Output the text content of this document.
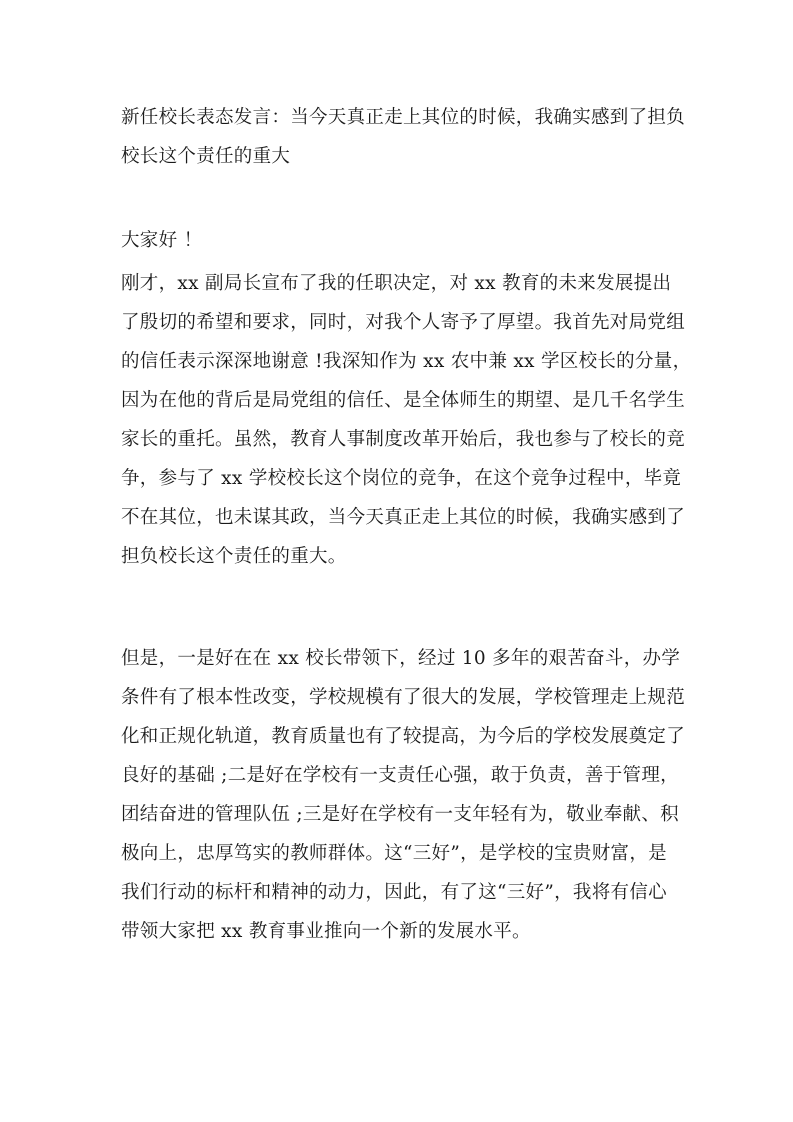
新任校长表态发言：当今天真正走上其位的时候，我确实感到了担负
校长这个责任的重大
大家好 ！
刚才，xx 副局长宣布了我的任职决定，对 xx 教育的未来发展提出
了殷切的希望和要求，同时，对我个人寄予了厚望。我首先对局党组
的信任表示深深地谢意 !我深知作为 xx 农中兼 xx 学区校长的分量，
因为在他的背后是局党组的信任、是全体师生的期望、是几千名学生
家长的重托。虽然，教育人事制度改革开始后，我也参与了校长的竞
争，参与了 xx 学校校长这个岗位的竞争，在这个竞争过程中，毕竟
不在其位，也未谋其政，当今天真正走上其位的时候，我确实感到了
担负校长这个责任的重大。
但是，一是好在在 xx 校长带领下，经过 10 多年的艰苦奋斗，办学
条件有了根本性改变，学校规模有了很大的发展，学校管理走上规范
化和正规化轨道，教育质量也有了较提高，为今后的学校发展奠定了
良好的基础 ;二是好在学校有一支责任心强，敢于负责，善于管理，
团结奋进的管理队伍 ;三是好在学校有一支年轻有为，敬业奉献、积
极向上，忠厚笃实的教师群体。这“三好”，是学校的宝贵财富，是
我们行动的标杆和精神的动力，因此，有了这“三好”，我将有信心
带领大家把 xx 教育事业推向一个新的发展水平。
